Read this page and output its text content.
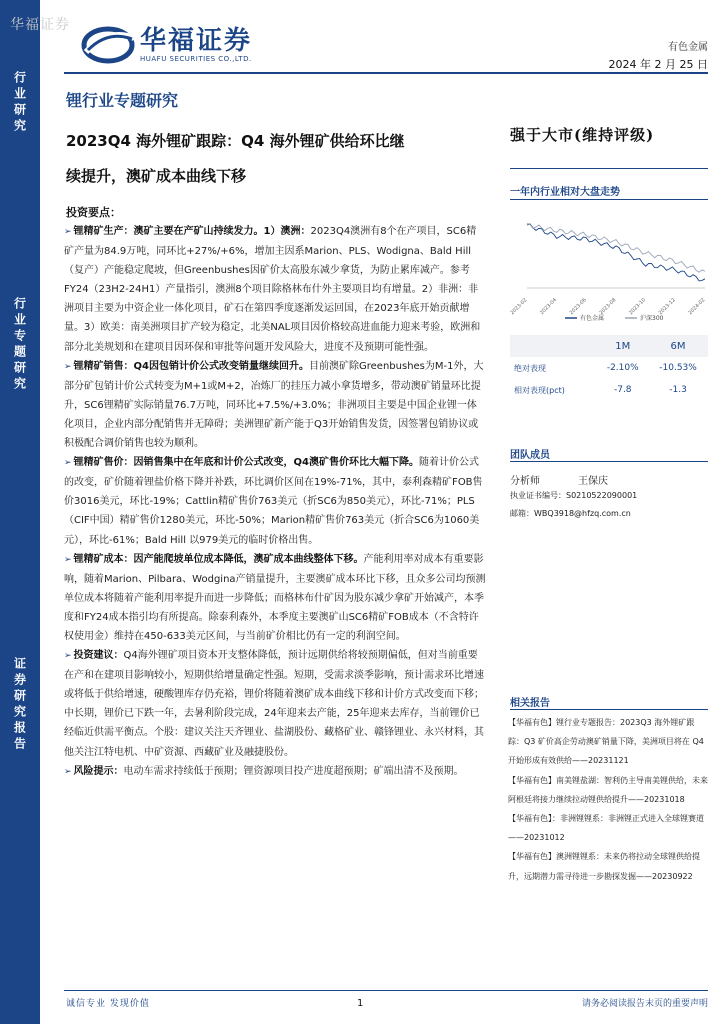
行业研究
行业专题研究
证券研究报告
华福证券
华福证券
HUAFU SECURITIES CO.,LTD.
有色金属
2024 年 2 月 25 日
锂行业专题研究
2023Q4 海外锂矿跟踪：Q4 海外锂矿供给环比继
续提升，澳矿成本曲线下移
强于大市(维持评级)
投资要点：
➢ 锂精矿生产：澳矿主要在产矿山持续发力。1）澳洲：2023Q4澳洲有8个在产项目，SC6精矿产量为84.9万吨，同环比+27%/+6%，增加主因系Marion、PLS、Wodigna、Bald Hill（复产）产能稳定爬坡，但Greenbushes因矿价太高股东减少拿货，为防止累库减产。参考FY24（23H2-24H1）产量指引，澳洲8个项目除格林布什外主要项目均有增量。2）非洲：非洲项目主要为中资企业一体化项目，矿石在第四季度逐渐发运回国，在2023年底开始贡献增量。3）欧美：南美洲项目扩产较为稳定，北美NAL项目因价格较高进血能力迎来考验，欧洲和部分北美规划和在建项目因环保和审批等问题开发风险大，进度不及预期可能性强。
➢ 锂精矿销售：Q4因包销计价公式改变销量继续回升。目前澳矿除Greenbushes为M-1外，大部分矿包销计价公式转变为M+1或M+2，冶炼厂的挂压力减小拿货增多，带动澳矿销量环比提升，SC6锂精矿实际销量76.7万吨，同环比+7.5%/+3.0%；非洲项目主要是中国企业锂一体化项目，企业内部分配销售并无障碍；美洲锂矿新产能于Q3开始销售发货，因签署包销协议或积极配合调价销售也较为顺利。
➢ 锂精矿售价：因销售集中在年底和计价公式改变，Q4澳矿售价环比大幅下降。随着计价公式的改变，矿价随着锂盐价格下降并补跌，环比调价区间在19%-71%，其中，泰利森精矿FOB售价3016美元，环比-19%；Cattlin精矿售价763美元（折SC6为850美元），环比-71%；PLS（CIF中国）精矿售价1280美元，环比-50%；Marion精矿售价763美元（折合SC6为1060美元），环比-61%；Bald Hill 以979美元的临时价格出售。
➢ 锂精矿成本：因产能爬坡单位成本降低，澳矿成本曲线整体下移。产能利用率对成本有重要影响，随着Marion、Pilbara、Wodgina产销量提升，主要澳矿成本环比下移，且众多公司均预测单位成本将随着产能利用率提升而进一步降低；而格林布什矿因为股东减少拿矿开始减产，本季度和FY24成本指引均有所提高。除泰利森外，本季度主要澳矿山SC6精矿FOB成本（不含特许权使用金）维持在450-633美元区间，与当前矿价相比仍有一定的利润空间。
➢ 投资建议：Q4海外锂矿项目资本开支整体降低，预计远期供给将较预期偏低，但对当前重要在产和在建项目影响较小，短期供给增量确定性强。短期，受需求淡季影响，预计需求环比增速或将低于供给增速，硬酸锂库存仍充裕，锂价将随着澳矿成本曲线下移和计价方式改变而下移；中长期，锂价已下跌一年，去暑利阶段完成，24年迎来去产能，25年迎来去库存，当前锂价已经临近供需平衡点。个股：建议关注天齐锂业、盐湖股份、藏格矿业、赣锋锂业、永兴材料，其他关注江特电机、中矿资源、西藏矿业及融捷股份。
➢ 风险提示：电动车需求持续低于预期；锂资源项目投产进度超预期；矿端出清不及预期。
一年内行业相对大盘走势
2023-02 2023-04 2023-06 2023-08 2023-10 2023-12 2024-02
有色金属	沪深300
	1M	6M
绝对表现	-2.10%	-10.53%
相对表现(pct)	-7.8	-1.3
团队成员
分析师	王保庆
执业证书编号：S0210522090001
邮箱：WBQ3918@hfzq.com.cn
相关报告
【华福有色】锂行业专题报告：2023Q3 海外锂矿跟踪：Q3 矿价高企劳动澳矿销量下降，美洲项目将在 Q4 开始形成有效供给——20231121
【华福有色】南美锂盐湖：智利仍主导南美锂供给，未来阿根廷将接力继续拉动锂供给提升——20231018
【华福有色】：非洲锂锂系：非洲锂正式进入全球锂赛道——20231012
【华福有色】澳洲锂锂系：未来仍将拉动全球锂供给提升，远期潜力需寻待进一步勘探发掘——20230922
诚信专业 发现价值	1	请务必阅读报告末页的重要声明
